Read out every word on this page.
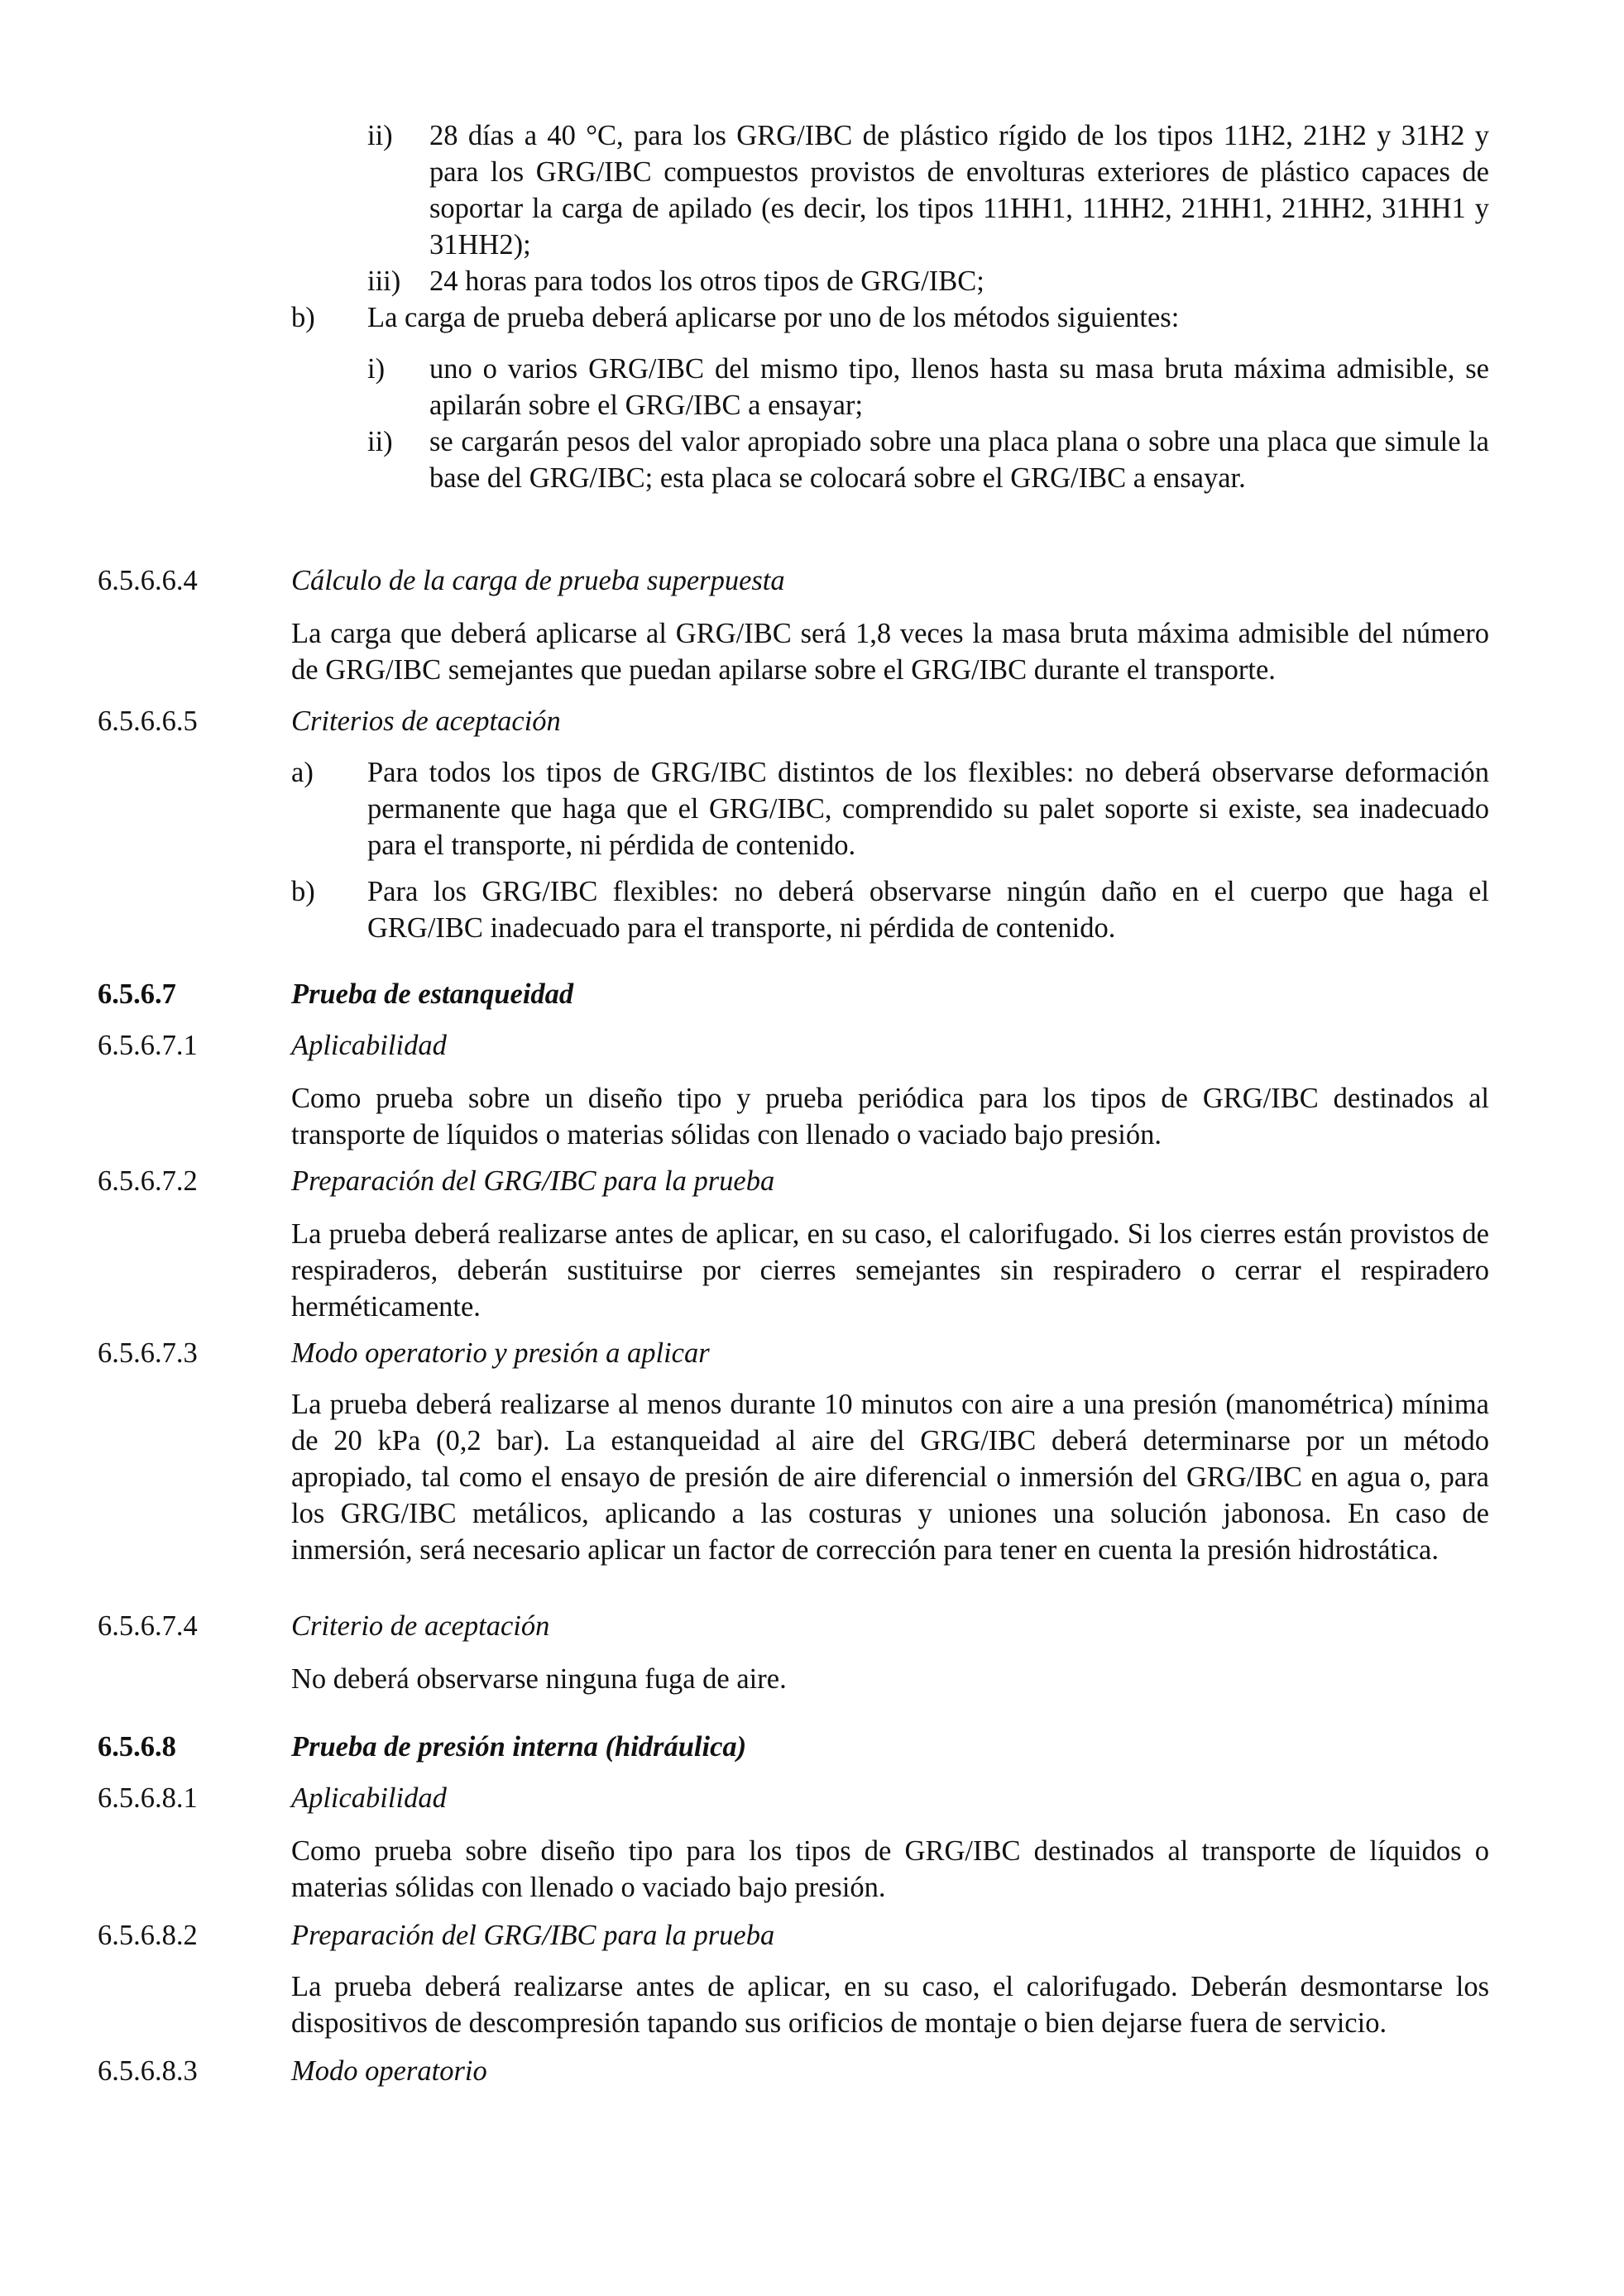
ii)	28 días a 40 °C, para los GRG/IBC de plástico rígido de los tipos 11H2, 21H2 y 31H2 y para los GRG/IBC compuestos provistos de envolturas exteriores de plástico capaces de soportar la carga de apilado (es decir, los tipos 11HH1, 11HH2, 21HH1, 21HH2, 31HH1 y 31HH2);
iii)	24 horas para todos los otros tipos de GRG/IBC;
b)	La carga de prueba deberá aplicarse por uno de los métodos siguientes:
i)	uno o varios GRG/IBC del mismo tipo, llenos hasta su masa bruta máxima admisible, se apilarán sobre el GRG/IBC a ensayar;
ii)	se cargarán pesos del valor apropiado sobre una placa plana o sobre una placa que simule la base del GRG/IBC; esta placa se colocará sobre el GRG/IBC a ensayar.
6.5.6.6.4	Cálculo de la carga de prueba superpuesta
La carga que deberá aplicarse al GRG/IBC será 1,8 veces la masa bruta máxima admisible del número de GRG/IBC semejantes que puedan apilarse sobre el GRG/IBC durante el transporte.
6.5.6.6.5	Criterios de aceptación
a)	Para todos los tipos de GRG/IBC distintos de los flexibles: no deberá observarse deformación permanente que haga que el GRG/IBC, comprendido su palet soporte si existe, sea inadecuado para el transporte, ni pérdida de contenido.
b)	Para los GRG/IBC flexibles: no deberá observarse ningún daño en el cuerpo que haga el GRG/IBC inadecuado para el transporte, ni pérdida de contenido.
6.5.6.7	Prueba de estanqueidad
6.5.6.7.1	Aplicabilidad
Como prueba sobre un diseño tipo y prueba periódica para los tipos de GRG/IBC destinados al transporte de líquidos o materias sólidas con llenado o vaciado bajo presión.
6.5.6.7.2	Preparación del GRG/IBC para la prueba
La prueba deberá realizarse antes de aplicar, en su caso, el calorifugado. Si los cierres están provistos de respiraderos, deberán sustituirse por cierres semejantes sin respiradero o cerrar el respiradero herméticamente.
6.5.6.7.3	Modo operatorio y presión a aplicar
La prueba deberá realizarse al menos durante 10 minutos con aire a una presión (manométrica) mínima de 20 kPa (0,2 bar). La estanqueidad al aire del GRG/IBC deberá determinarse por un método apropiado, tal como el ensayo de presión de aire diferencial o inmersión del GRG/IBC en agua o, para los GRG/IBC metálicos, aplicando a las costuras y uniones una solución jabonosa. En caso de inmersión, será necesario aplicar un factor de corrección para tener en cuenta la presión hidrostática.
6.5.6.7.4	Criterio de aceptación
No deberá observarse ninguna fuga de aire.
6.5.6.8	Prueba de presión interna (hidráulica)
6.5.6.8.1	Aplicabilidad
Como prueba sobre diseño tipo para los tipos de GRG/IBC destinados al transporte de líquidos o materias sólidas con llenado o vaciado bajo presión.
6.5.6.8.2	Preparación del GRG/IBC para la prueba
La prueba deberá realizarse antes de aplicar, en su caso, el calorifugado. Deberán desmontarse los dispositivos de descompresión tapando sus orificios de montaje o bien dejarse fuera de servicio.
6.5.6.8.3	Modo operatorio
